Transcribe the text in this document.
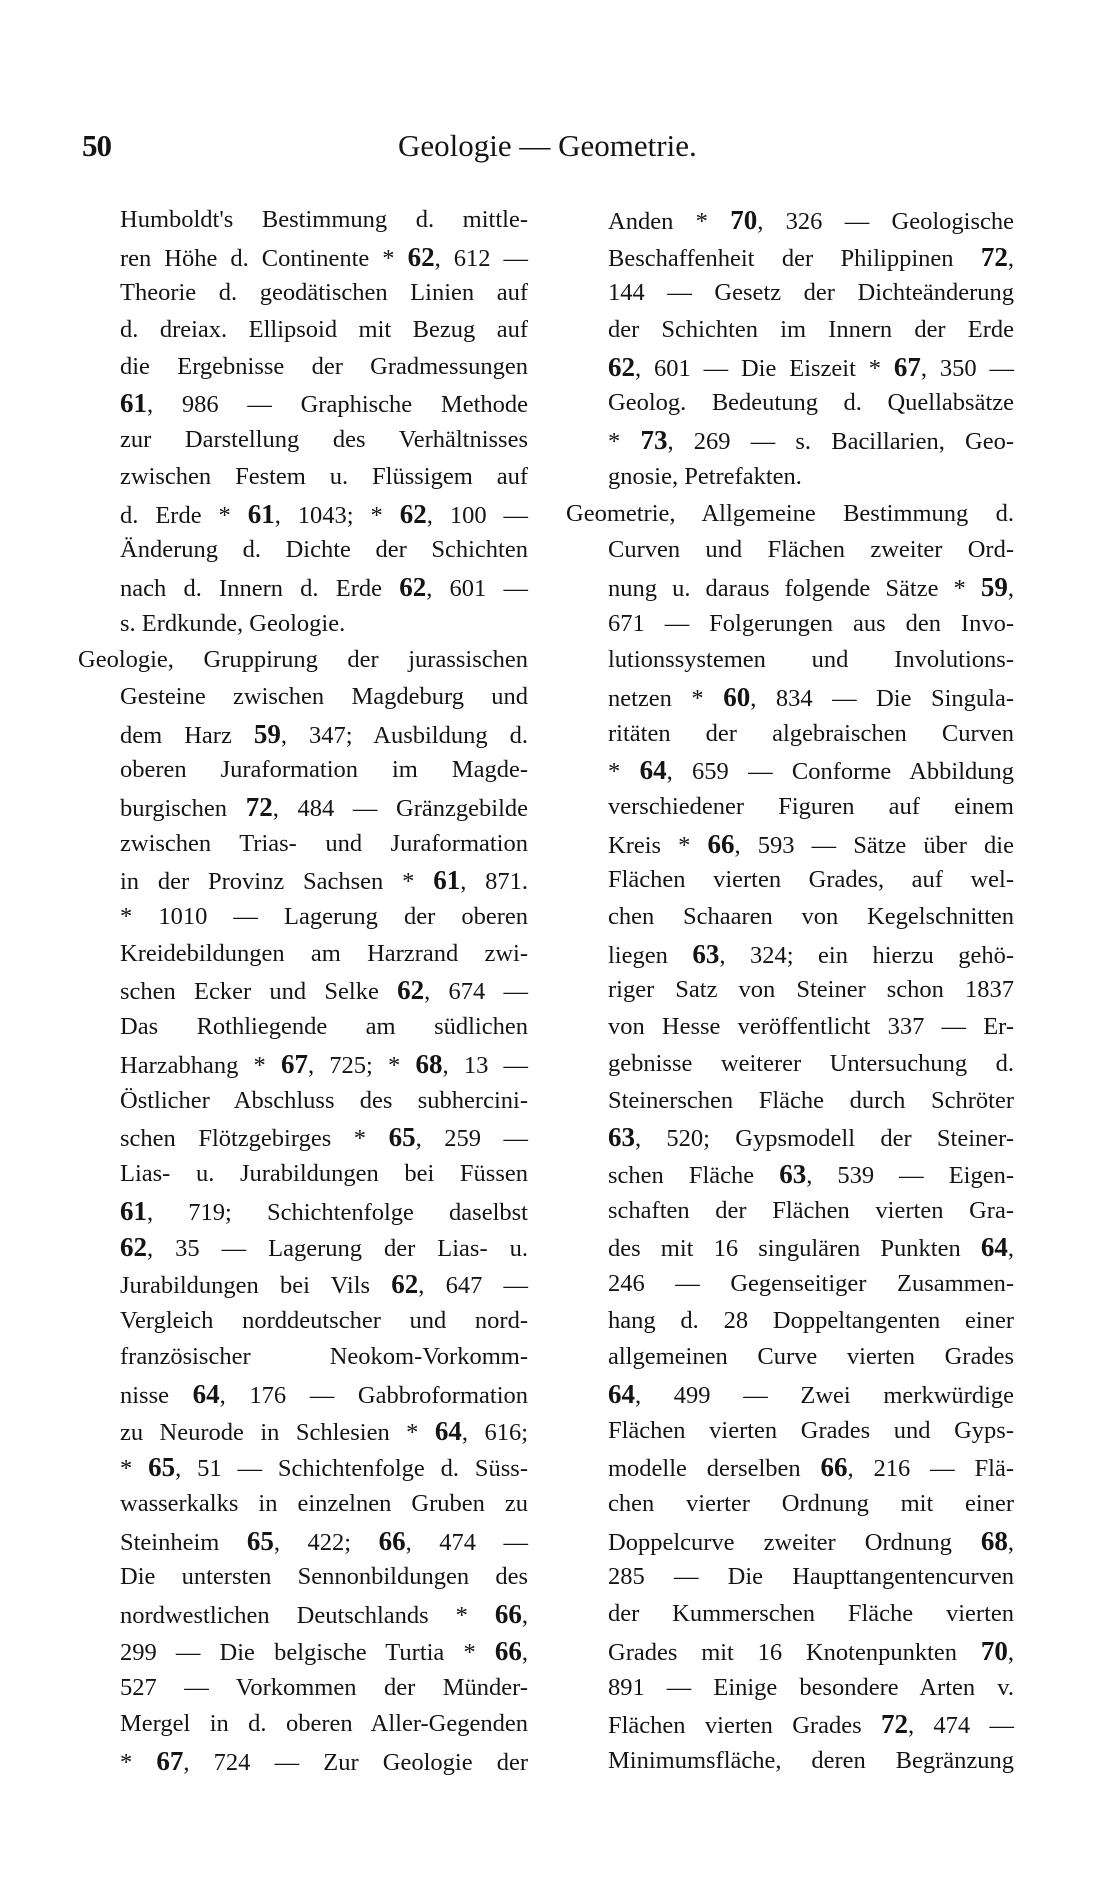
50	Geologie — Geometrie.
Humboldt's Bestimmung d. mittle-
ren Höhe d. Continente * 62, 612 —
Theorie d. geodätischen Linien auf
d. dreiax. Ellipsoid mit Bezug auf
die Ergebnisse der Gradmessungen
61, 986 — Graphische Methode
zur Darstellung des Verhältnisses
zwischen Festem u. Flüssigem auf
d. Erde * 61, 1043; * 62, 100 —
Änderung d. Dichte der Schichten
nach d. Innern d. Erde 62, 601 —
s. Erdkunde, Geologie.
Geologie, Gruppirung der jurassischen
Gesteine zwischen Magdeburg und
dem Harz 59, 347; Ausbildung d.
oberen Juraformation im Magde-
burgischen 72, 484 — Gränzgebilde
zwischen Trias- und Juraformation
in der Provinz Sachsen * 61, 871.
* 1010 — Lagerung der oberen
Kreidebildungen am Harzrand zwi-
schen Ecker und Selke 62, 674 —
Das Rothliegende am südlichen
Harzabhang * 67, 725; * 68, 13 —
Östlicher Abschluss des subhercini-
schen Flötzgebirges * 65, 259 —
Lias- u. Jurabildungen bei Füssen
61, 719; Schichtenfolge daselbst
62, 35 — Lagerung der Lias- u.
Jurabildungen bei Vils 62, 647 —
Vergleich norddeutscher und nord-
französischer Neokom-Vorkomm-
nisse 64, 176 — Gabbroformation
zu Neurode in Schlesien * 64, 616;
* 65, 51 — Schichtenfolge d. Süss-
wasserkalks in einzelnen Gruben zu
Steinheim 65, 422; 66, 474 —
Die untersten Sennonbildungen des
nordwestlichen Deutschlands * 66,
299 — Die belgische Turtia * 66,
527 — Vorkommen der Münder-
Mergel in d. oberen Aller-Gegenden
* 67, 724 — Zur Geologie der
Anden * 70, 326 — Geologische
Beschaffenheit der Philippinen 72,
144 — Gesetz der Dichteänderung
der Schichten im Innern der Erde
62, 601 — Die Eiszeit * 67, 350 —
Geolog. Bedeutung d. Quellabsätze
* 73, 269 — s. Bacillarien, Geo-
gnosie, Petrefakten.
Geometrie, Allgemeine Bestimmung d.
Curven und Flächen zweiter Ord-
nung u. daraus folgende Sätze * 59,
671 — Folgerungen aus den Invo-
lutionssystemen und Involutions-
netzen * 60, 834 — Die Singula-
ritäten der algebraischen Curven
* 64, 659 — Conforme Abbildung
verschiedener Figuren auf einem
Kreis * 66, 593 — Sätze über die
Flächen vierten Grades, auf wel-
chen Schaaren von Kegelschnitten
liegen 63, 324; ein hierzu gehö-
riger Satz von Steiner schon 1837
von Hesse veröffentlicht 337 — Er-
gebnisse weiterer Untersuchung d.
Steinerschen Fläche durch Schröter
63, 520; Gypsmodell der Steiner-
schen Fläche 63, 539 — Eigen-
schaften der Flächen vierten Gra-
des mit 16 singulären Punkten 64,
246 — Gegenseitiger Zusammen-
hang d. 28 Doppeltangenten einer
allgemeinen Curve vierten Grades
64, 499 — Zwei merkwürdige
Flächen vierten Grades und Gyps-
modelle derselben 66, 216 — Flä-
chen vierter Ordnung mit einer
Doppelcurve zweiter Ordnung 68,
285 — Die Haupttangentencurven
der Kummerschen Fläche vierten
Grades mit 16 Knotenpunkten 70,
891 — Einige besondere Arten v.
Flächen vierten Grades 72, 474 —
Minimumsfläche, deren Begränzung
